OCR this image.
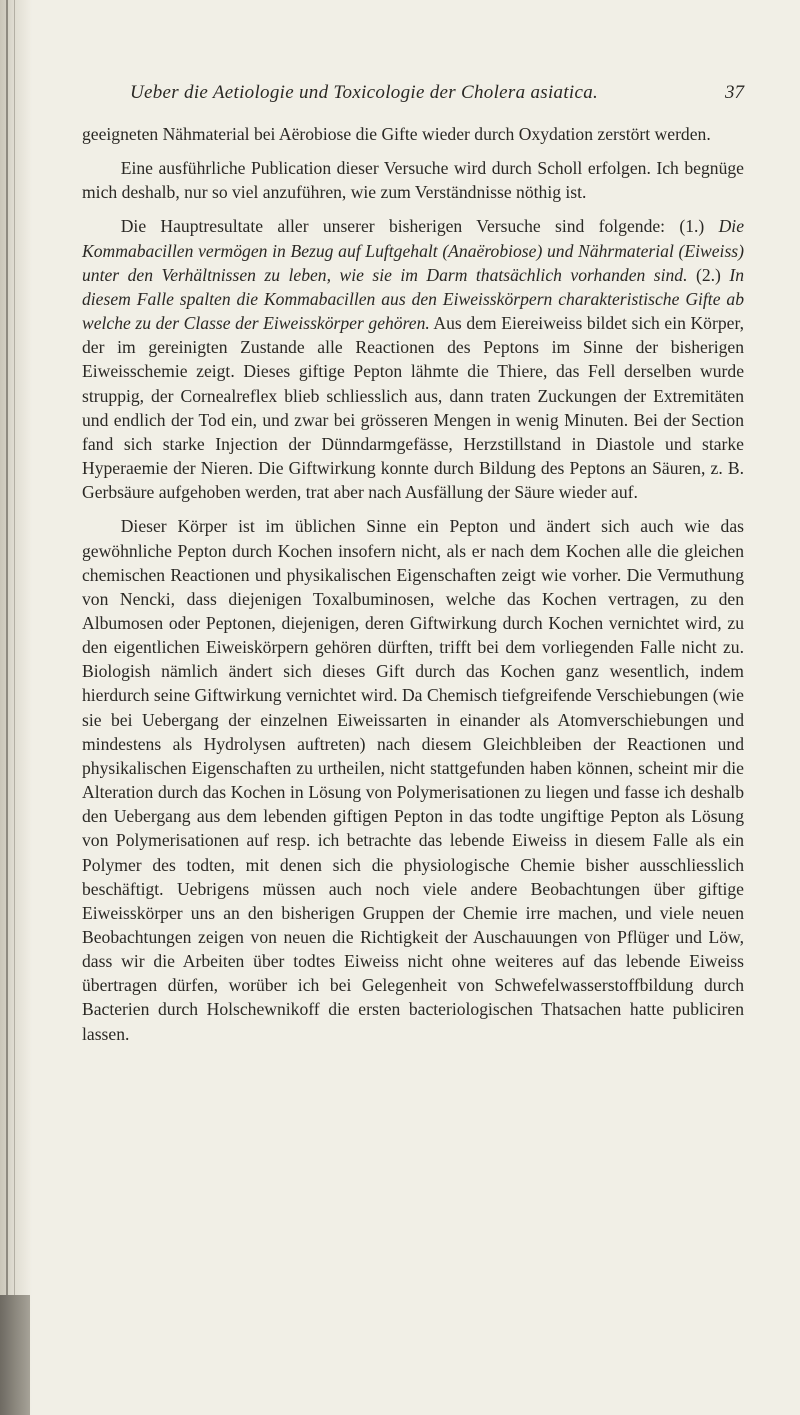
Ueber die Aetiologie und Toxicologie der Cholera asiatica.	37

geeigneten Nähmaterial bei Aërobiose die Gifte wieder durch Oxydation zerstört werden.

Eine ausführliche Publication dieser Versuche wird durch Scholl erfolgen. Ich begnüge mich deshalb, nur so viel anzuführen, wie zum Verständnisse nöthig ist.

Die Hauptresultate aller unserer bisherigen Versuche sind folgende: (1.) Die Kommabacillen vermögen in Bezug auf Luftgehalt (Anaërobiose) und Nährmaterial (Eiweiss) unter den Verhältnissen zu leben, wie sie im Darm thatsächlich vorhanden sind. (2.) In diesem Falle spalten die Kommabacillen aus den Eiweisskörpern charakteristische Gifte ab welche zu der Classe der Eiweisskörper gehören. Aus dem Eiereiweiss bildet sich ein Körper, der im gereinigten Zustande alle Reactionen des Peptons im Sinne der bisherigen Eiweisschemie zeigt. Dieses giftige Pepton lähmte die Thiere, das Fell derselben wurde struppig, der Cornealreflex blieb schliesslich aus, dann traten Zuckungen der Extremitäten und endlich der Tod ein, und zwar bei grösseren Mengen in wenig Minuten. Bei der Section fand sich starke Injection der Dünndarmgefässe, Herzstillstand in Diastole und starke Hyperaemie der Nieren. Die Giftwirkung konnte durch Bildung des Peptons an Säuren, z. B. Gerbsäure aufgehoben werden, trat aber nach Ausfällung der Säure wieder auf.

Dieser Körper ist im üblichen Sinne ein Pepton und ändert sich auch wie das gewöhnliche Pepton durch Kochen insofern nicht, als er nach dem Kochen alle die gleichen chemischen Reactionen und physikalischen Eigenschaften zeigt wie vorher. Die Vermuthung von Nencki, dass diejenigen Toxalbuminosen, welche das Kochen vertragen, zu den Albumosen oder Peptonen, diejenigen, deren Giftwirkung durch Kochen vernichtet wird, zu den eigentlichen Eiweiskörpern gehören dürften, trifft bei dem vorliegenden Falle nicht zu. Biologish nämlich ändert sich dieses Gift durch das Kochen ganz wesentlich, indem hierdurch seine Giftwirkung vernichtet wird. Da Chemisch tiefgreifende Verschiebungen (wie sie bei Uebergang der einzelnen Eiweissarten in einander als Atomverschiebungen und mindestens als Hydrolysen auftreten) nach diesem Gleichbleiben der Reactionen und physikalischen Eigenschaften zu urtheilen, nicht stattgefunden haben können, scheint mir die Alteration durch das Kochen in Lösung von Polymerisationen zu liegen und fasse ich deshalb den Uebergang aus dem lebenden giftigen Pepton in das todte ungiftige Pepton als Lösung von Polymerisationen auf resp. ich betrachte das lebende Eiweiss in diesem Falle als ein Polymer des todten, mit denen sich die physiologische Chemie bisher ausschliesslich beschäftigt. Uebrigens müssen auch noch viele andere Beobachtungen über giftige Eiweisskörper uns an den bisherigen Gruppen der Chemie irre machen, und viele neuen Beobachtungen zeigen von neuen die Richtigkeit der Auschauungen von Pflüger und Löw, dass wir die Arbeiten über todtes Eiweiss nicht ohne weiteres auf das lebende Eiweiss übertragen dürfen, worüber ich bei Gelegenheit von Schwefelwasserstoffbildung durch Bacterien durch Holschewnikoff die ersten bacteriologischen Thatsachen hatte publiciren lassen.
